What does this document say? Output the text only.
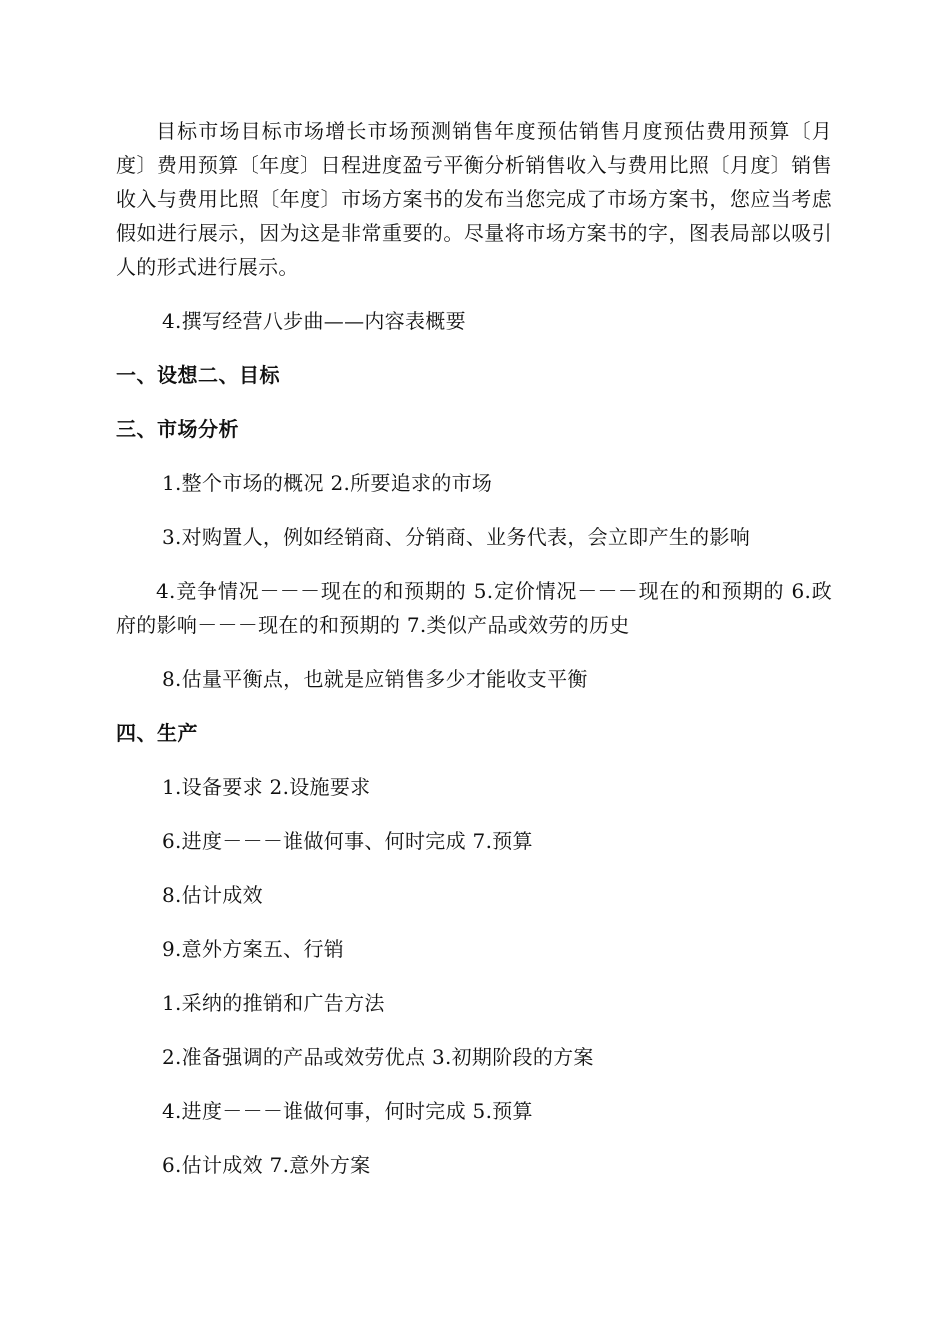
目标市场目标市场增长市场预测销售年度预估销售月度预估费用预算〔月度〕费用预算〔年度〕日程进度盈亏平衡分析销售收入与费用比照〔月度〕销售收入与费用比照〔年度〕市场方案书的发布当您完成了市场方案书，您应当考虑假如进行展示，因为这是非常重要的。尽量将市场方案书的字，图表局部以吸引人的形式进行展示。

4.撰写经营八步曲——内容表概要

一、设想二、目标

三、市场分析

1.整个市场的概况 2.所要追求的市场

3.对购置人，例如经销商、分销商、业务代表，会立即产生的影响

4.竞争情况－－－现在的和预期的 5.定价情况－－－现在的和预期的 6.政府的影响－－－现在的和预期的 7.类似产品或效劳的历史

8.估量平衡点，也就是应销售多少才能收支平衡

四、生产

1.设备要求 2.设施要求

6.进度－－－谁做何事、何时完成 7.预算

8.估计成效

9.意外方案五、行销

1.采纳的推销和广告方法

2.准备强调的产品或效劳优点 3.初期阶段的方案

4.进度－－－谁做何事，何时完成 5.预算

6.估计成效 7.意外方案
